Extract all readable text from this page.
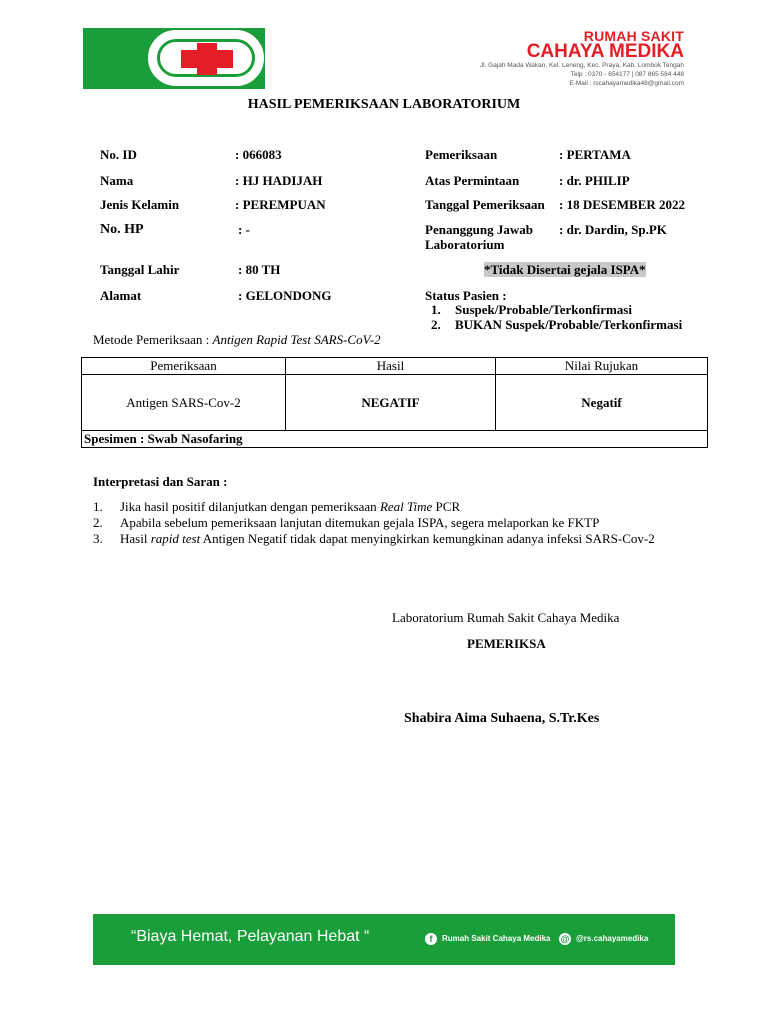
RUMAH SAKIT
CAHAYA MEDIKA
Jl. Gajah Mada Wakan, Kel. Leneng, Kec. Praya, Kab. Lombok Tengah
Telp : 0370 - 654177 | 087 865 584 448
E-Mail : rscahayamedika48@gmail.com
HASIL PEMERIKSAAN LABORATORIUM
No. ID	: 066083
Nama	: HJ HADIJAH
Jenis Kelamin	: PEREMPUAN
No. HP	: -
Tanggal Lahir	: 80 TH
Alamat	: GELONDONG
Pemeriksaan	: PERTAMA
Atas Permintaan	: dr. PHILIP
Tanggal Pemeriksaan : 18 DESEMBER 2022
Penanggung Jawab Laboratorium
: dr. Dardin, Sp.PK
*Tidak Disertai gejala ISPA*
Status Pasien :
1. Suspek/Probable/Terkonfirmasi
2. BUKAN Suspek/Probable/Terkonfirmasi
Metode Pemeriksaan : Antigen Rapid Test SARS-CoV-2
Pemeriksaan	Hasil	Nilai Rujukan
Antigen SARS-Cov-2	NEGATIF	Negatif
Spesimen : Swab Nasofaring		
Interpretasi dan Saran :
1. Jika hasil positif dilanjutkan dengan pemeriksaan Real Time PCR
2. Apabila sebelum pemeriksaan lanjutan ditemukan gejala ISPA, segera melaporkan ke FKTP
3. Hasil rapid test Antigen Negatif tidak dapat menyingkirkan kemungkinan adanya infeksi SARS-Cov-2
Laboratorium Rumah Sakit Cahaya Medika
PEMERIKSA
Shabira Aima Suhaena, S.Tr.Kes
“Biaya Hemat, Pelayanan Hebat “	f Rumah Sakit Cahaya Medika @ @rs.cahayamedika
